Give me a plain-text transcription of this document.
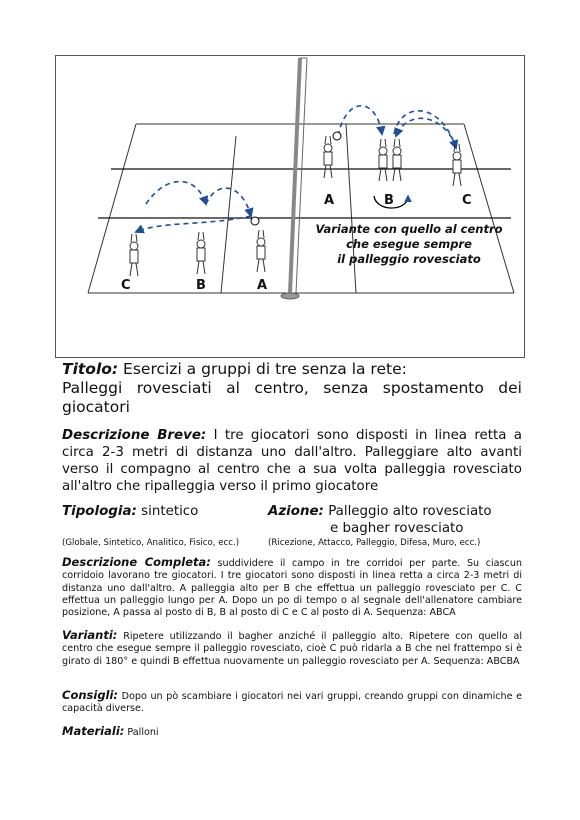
A	B	C
C	B	A
Variante con quello al centro
che esegue sempre
il palleggio rovesciato
Titolo: Esercizi a gruppi di tre senza la rete:
Palleggi rovesciati al centro, senza spostamento dei giocatori
Descrizione Breve: I tre giocatori sono disposti in linea retta a circa 2-3 metri di distanza uno dall'altro. Palleggiare alto avanti verso il compagno al centro che a sua volta palleggia rovesciato all'altro che ripalleggia verso il primo giocatore
Tipologia: sintetico	Azione: Palleggio alto rovesciato
e bagher rovesciato
(Globale, Sintetico, Analitico, Fisico, ecc.)	(Ricezione, Attacco, Palleggio, Difesa, Muro, ecc.)
Descrizione Completa: suddividere il campo in tre corridoi per parte. Su ciascun corridoio lavorano tre giocatori. I tre giocatori sono disposti in linea retta a circa 2-3 metri di distanza uno dall'altro. A palleggia alto per B che effettua un palleggio rovesciato per C. C effettua un palleggio lungo per A. Dopo un po di tempo o al segnale dell'allenatore cambiare posizione, A passa al posto di B, B al posto di C e C al posto di A. Sequenza: ABCA
Varianti: Ripetere utilizzando il bagher anziché il palleggio alto. Ripetere con quello al centro che esegue sempre il palleggio rovesciato, cioè C può ridarla a B che nel frattempo si è girato di 180° e quindi B effettua nuovamente un palleggio rovesciato per A. Sequenza: ABCBA
Consigli: Dopo un pò scambiare i giocatori nei vari gruppi, creando gruppi con dinamiche e capacità diverse.
Materiali: Palloni
